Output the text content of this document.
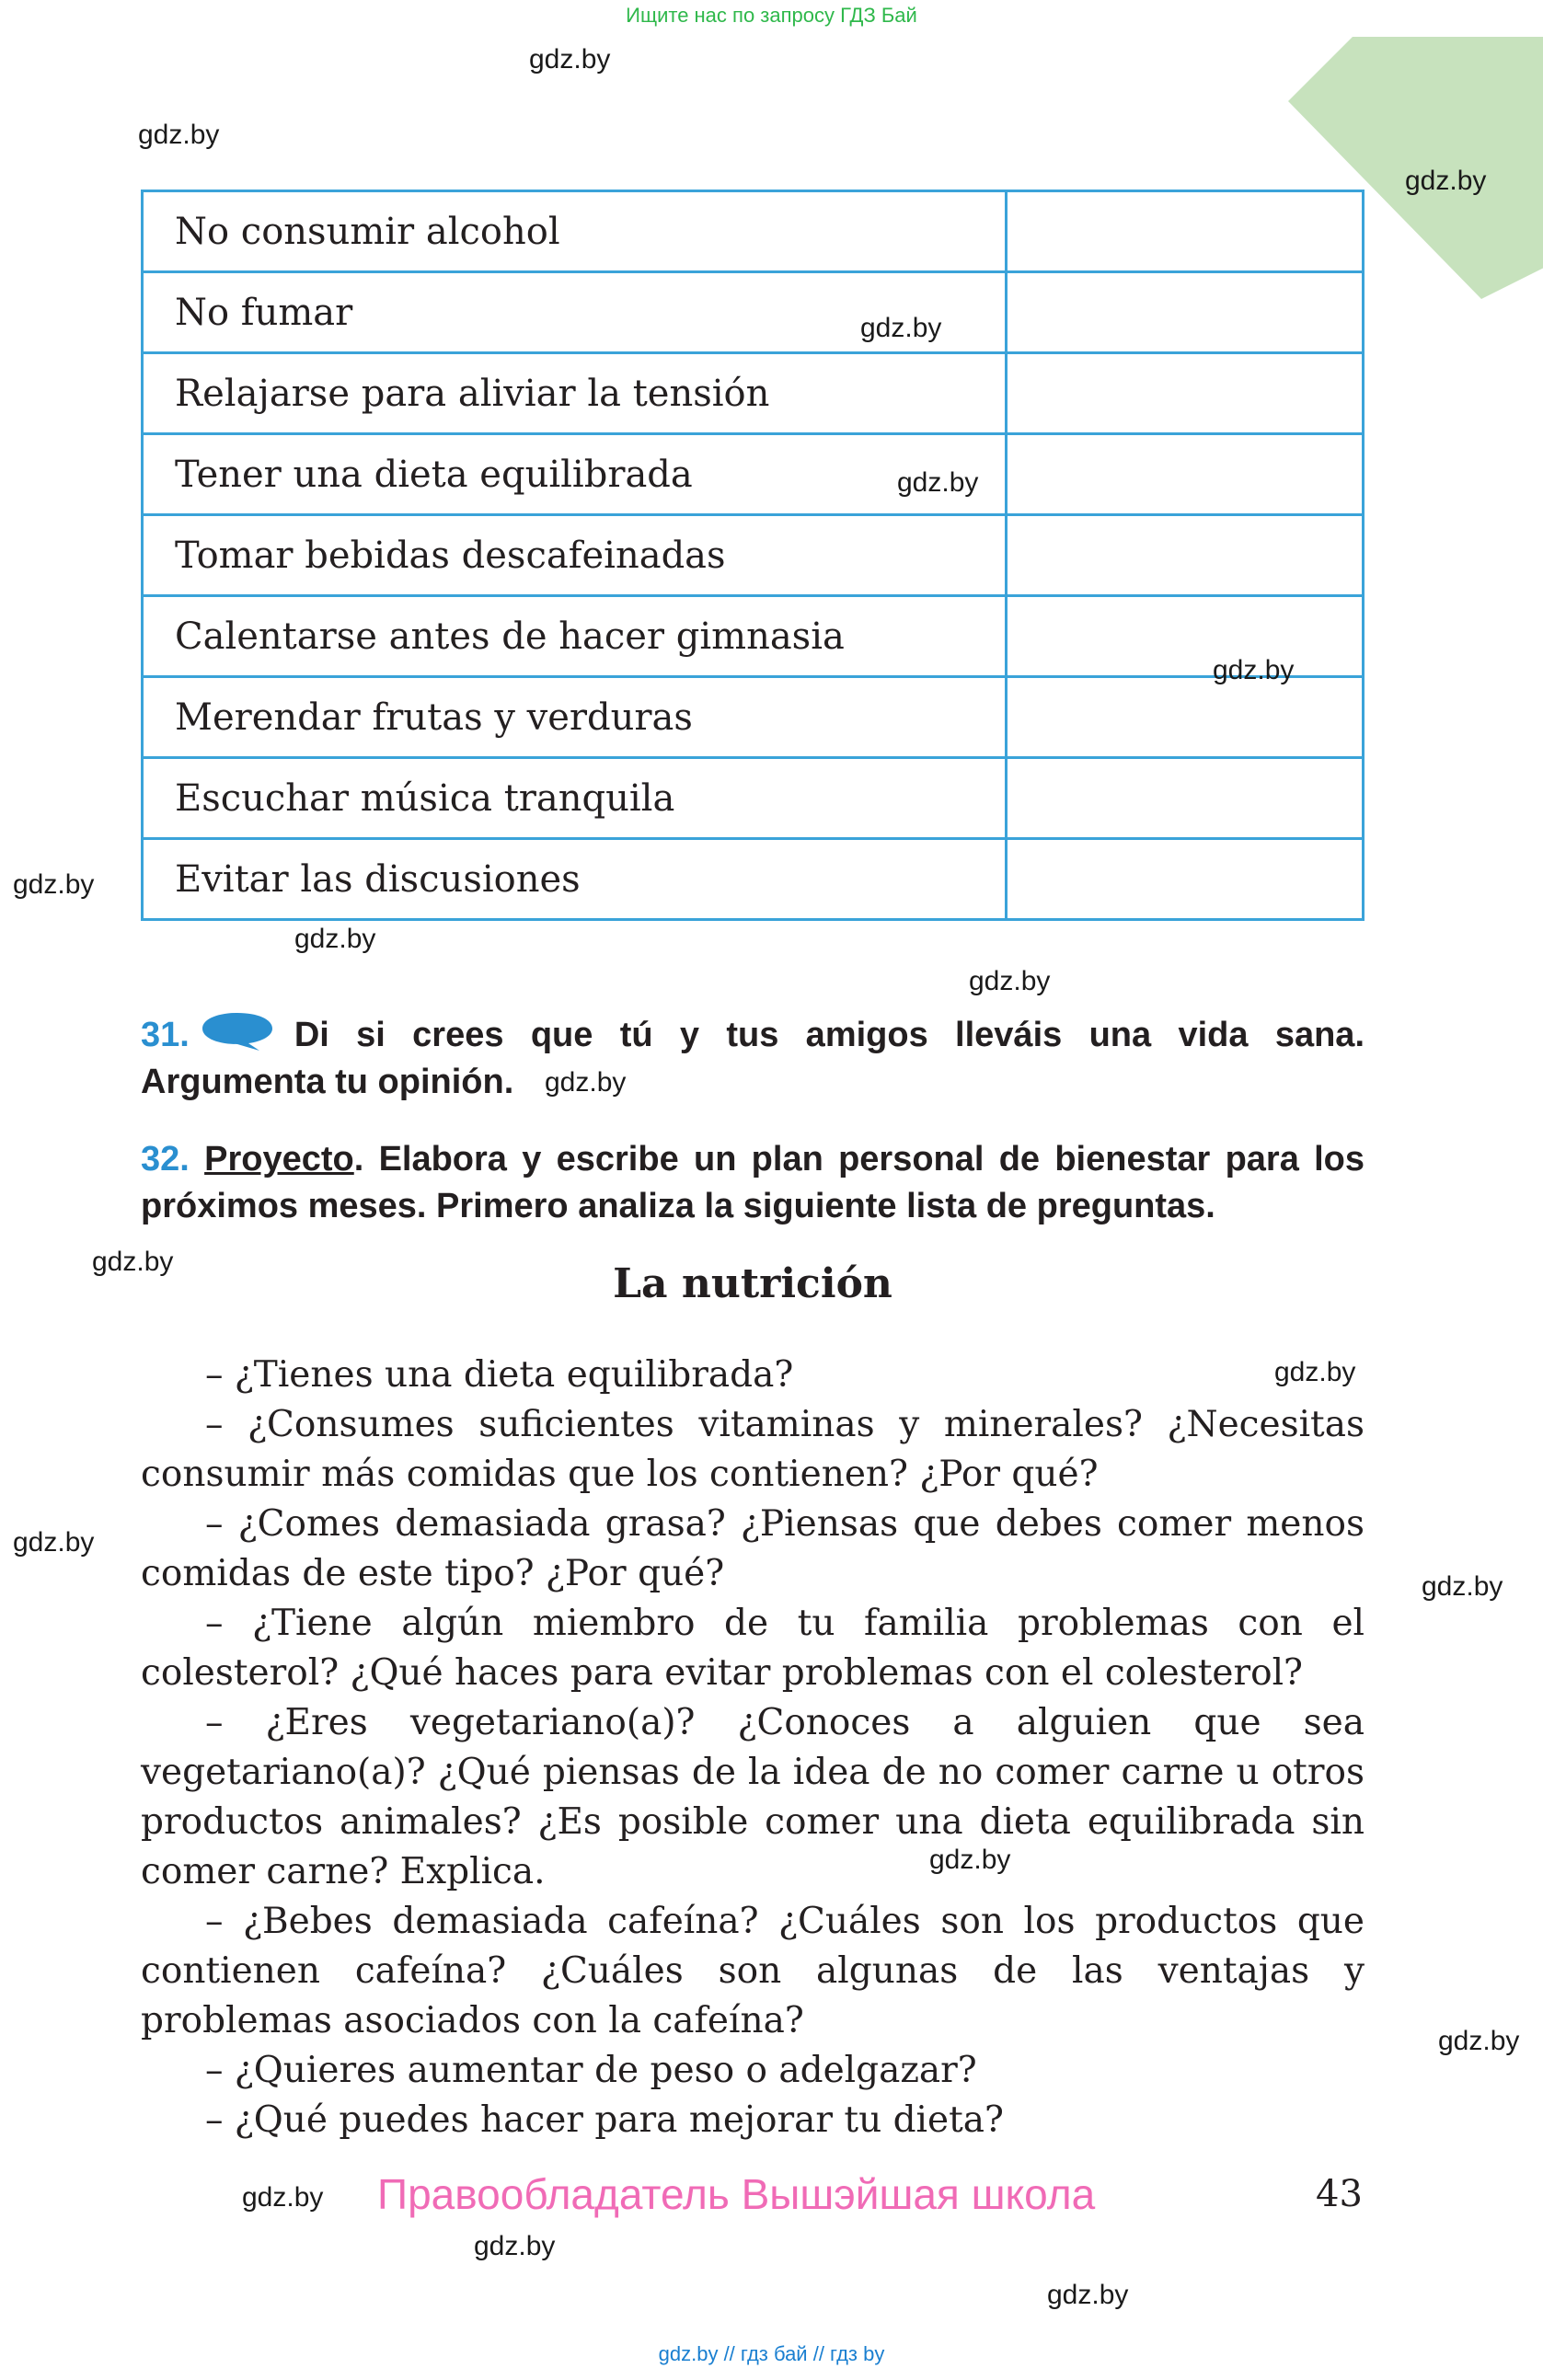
Ищите нас по запросу ГДЗ Бай
No consumir alcohol	
No fumar	
Relajarse para aliviar la tensión	
Tener una dieta equilibrada	
Tomar bebidas descafeinadas	
Calentarse antes de hacer gimnasia	
Merendar frutas y verduras	
Escuchar música tranquila	
Evitar las discusiones	
31.	Di si crees que tú y tus amigos lleváis una vida sana. Argumenta tu opinión.
32. Proyecto. Elabora y escribe un plan personal de bienestar para los próximos meses. Primero analiza la siguiente lista de preguntas.
La nutrición

– ¿Tienes una dieta equilibrada?

– ¿Consumes suficientes vitaminas y minerales? ¿Necesitas consumir más comidas que los contienen? ¿Por qué?

– ¿Comes demasiada grasa? ¿Piensas que debes comer menos comidas de este tipo? ¿Por qué?

– ¿Tiene algún miembro de tu familia problemas con el colesterol? ¿Qué haces para evitar problemas con el colesterol?

– ¿Eres vegetariano(a)? ¿Conoces a alguien que sea vegetariano(a)? ¿Qué piensas de la idea de no comer carne u otros productos animales? ¿Es posible comer una dieta equilibrada sin comer carne? Explica.

– ¿Bebes demasiada cafeína? ¿Cuáles son los productos que contienen cafeína? ¿Cuáles son algunas de las ventajas y problemas asociados con la cafeína?

– ¿Quieres aumentar de peso o adelgazar?

– ¿Qué puedes hacer para mejorar tu dieta?

Правообладатель Вышэйшая школа	43
gdz.by // гдз бай // гдз by
gdz.by
gdz.by
gdz.by
gdz.by
gdz.by
gdz.by
gdz.by
gdz.by
gdz.by
gdz.by
gdz.by
gdz.by
gdz.by
gdz.by
gdz.by
gdz.by
gdz.by
gdz.by
gdz.by
